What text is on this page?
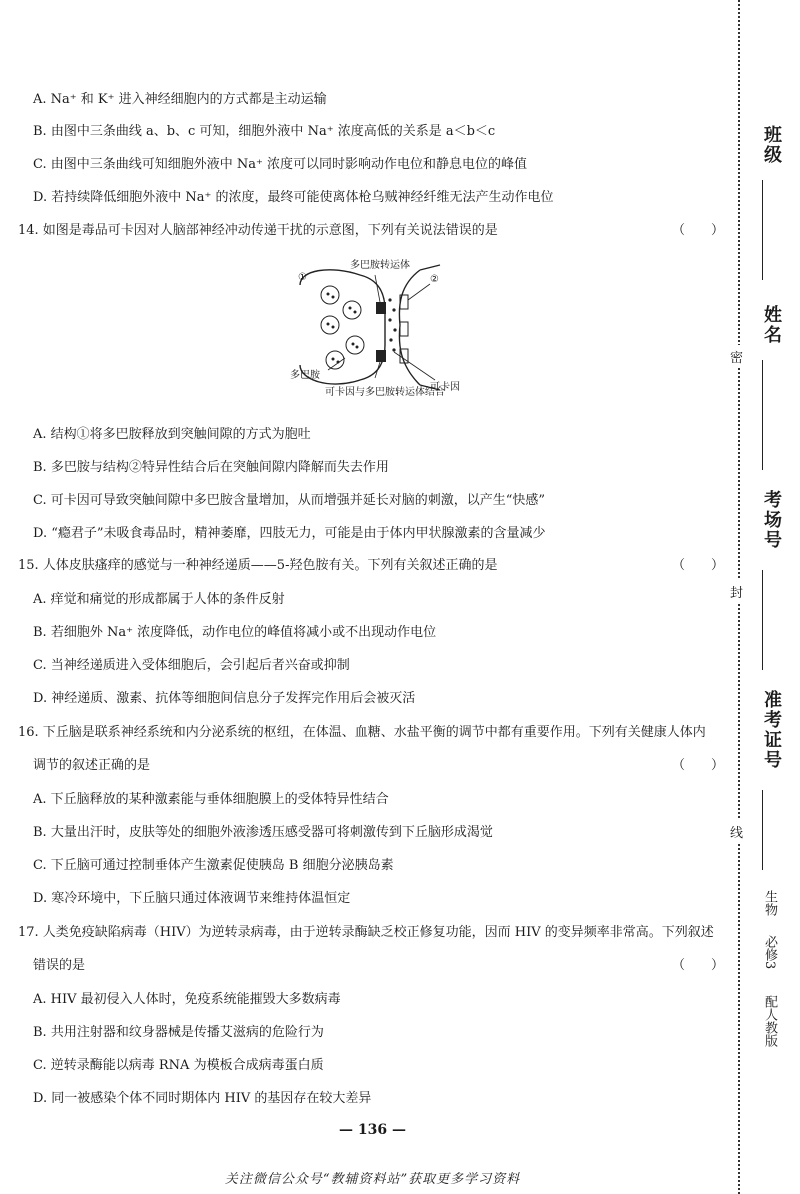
A. Na⁺ 和 K⁺ 进入神经细胞内的方式都是主动运输
B. 由图中三条曲线 a、b、c 可知，细胞外液中 Na⁺ 浓度高低的关系是 a＜b＜c
C. 由图中三条曲线可知细胞外液中 Na⁺ 浓度可以同时影响动作电位和静息电位的峰值
D. 若持续降低细胞外液中 Na⁺ 的浓度，最终可能使离体枪乌贼神经纤维无法产生动作电位
14. 如图是毒品可卡因对人脑部神经冲动传递干扰的示意图，下列有关说法错误的是	（　　）
多巴胺转运体
①	②
多巴胺
可卡因与多巴胺转运体结合
可卡因
A. 结构①将多巴胺释放到突触间隙的方式为胞吐
B. 多巴胺与结构②特异性结合后在突触间隙内降解而失去作用
C. 可卡因可导致突触间隙中多巴胺含量增加，从而增强并延长对脑的刺激，以产生“快感”
D. “瘾君子”未吸食毒品时，精神萎靡，四肢无力，可能是由于体内甲状腺激素的含量减少
15. 人体皮肤瘙痒的感觉与一种神经递质——5-羟色胺有关。下列有关叙述正确的是	（　　）
A. 痒觉和痛觉的形成都属于人体的条件反射
B. 若细胞外 Na⁺ 浓度降低，动作电位的峰值将减小或不出现动作电位
C. 当神经递质进入受体细胞后，会引起后者兴奋或抑制
D. 神经递质、激素、抗体等细胞间信息分子发挥完作用后会被灭活
16. 下丘脑是联系神经系统和内分泌系统的枢纽，在体温、血糖、水盐平衡的调节中都有重要作用。下列有关健康人体内
调节的叙述正确的是	（　　）
A. 下丘脑释放的某种激素能与垂体细胞膜上的受体特异性结合
B. 大量出汗时，皮肤等处的细胞外液渗透压感受器可将刺激传到下丘脑形成渴觉
C. 下丘脑可通过控制垂体产生激素促使胰岛 B 细胞分泌胰岛素
D. 寒冷环境中，下丘脑只通过体液调节来维持体温恒定
17. 人类免疫缺陷病毒（HIV）为逆转录病毒，由于逆转录酶缺乏校正修复功能，因而 HIV 的变异频率非常高。下列叙述
错误的是	（　　）
A. HIV 最初侵入人体时，免疫系统能摧毁大多数病毒
B. 共用注射器和纹身器械是传播艾滋病的危险行为
C. 逆转录酶能以病毒 RNA 为模板合成病毒蛋白质
D. 同一被感染个体不同时期体内 HIV 的基因存在较大差异
— 136 —
关注微信公众号“教辅资料站”获取更多学习资料
班级
姓名
考场号
准考证号
密
封
线
生物
必修3
配人教版
